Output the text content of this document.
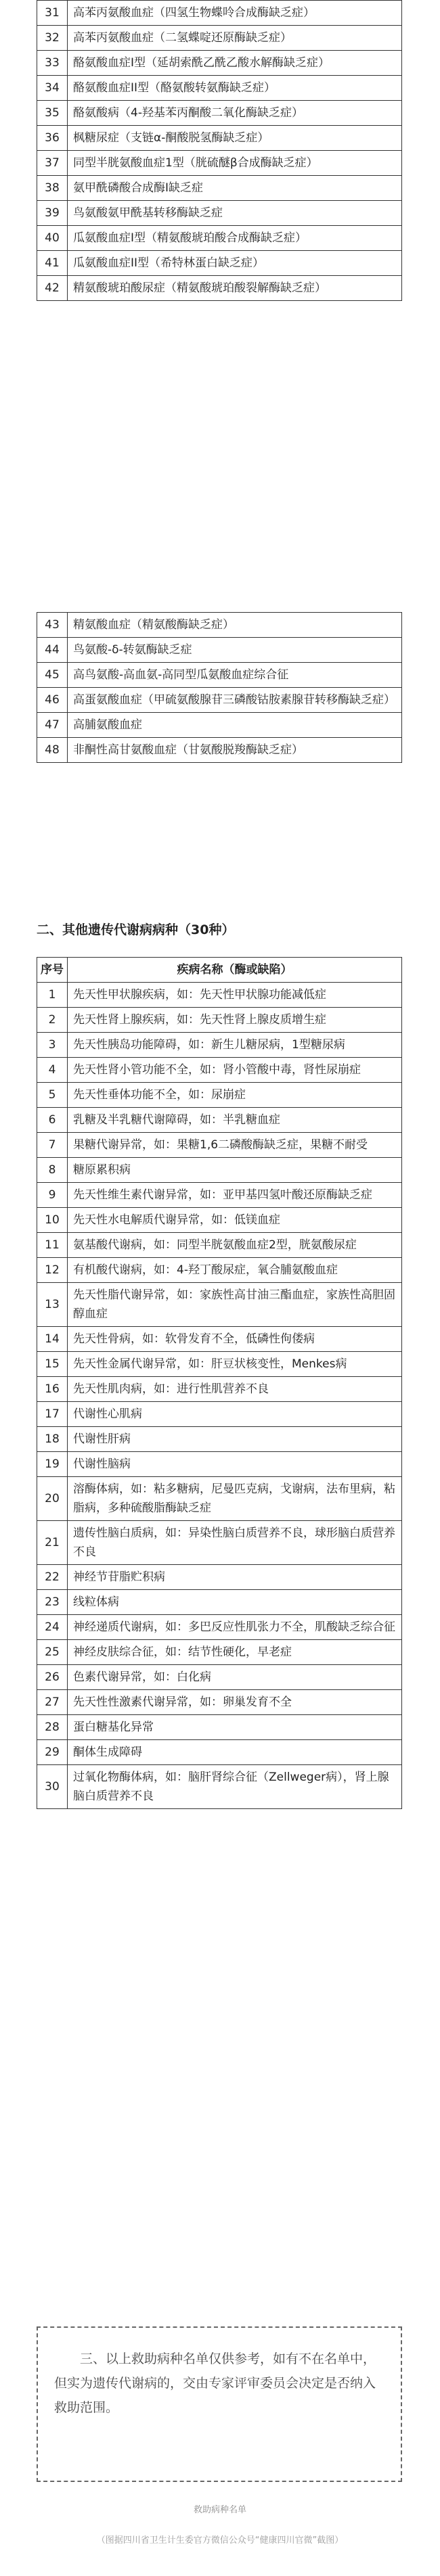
31	高苯丙氨酸血症（四氢生物蝶呤合成酶缺乏症）
32	高苯丙氨酸血症（二氢蝶啶还原酶缺乏症）
33	酪氨酸血症I型（延胡索酰乙酰乙酸水解酶缺乏症）
34	酪氨酸血症II型（酪氨酸转氨酶缺乏症）
35	酪氨酸病（4-羟基苯丙酮酸二氧化酶缺乏症）
36	枫糖尿症（支链α-酮酸脱氢酶缺乏症）
37	同型半胱氨酸血症1型（胱硫醚β合成酶缺乏症）
38	氨甲酰磷酸合成酶I缺乏症
39	鸟氨酸氨甲酰基转移酶缺乏症
40	瓜氨酸血症I型（精氨酸琥珀酸合成酶缺乏症）
41	瓜氨酸血症II型（希特林蛋白缺乏症）
42	精氨酸琥珀酸尿症（精氨酸琥珀酸裂解酶缺乏症）
43	精氨酸血症（精氨酸酶缺乏症）
44	鸟氨酸-δ-转氨酶缺乏症
45	高鸟氨酸-高血氨-高同型瓜氨酸血症综合征
46	高蛋氨酸血症（甲硫氨酸腺苷三磷酸钴胺素腺苷转移酶缺乏症）
47	高脯氨酸血症
48	非酮性高甘氨酸血症（甘氨酸脱羧酶缺乏症）
二、其他遗传代谢病病种（30种）
序号	疾病名称（酶或缺陷）
1	先天性甲状腺疾病，如：先天性甲状腺功能减低症
2	先天性肾上腺疾病，如：先天性肾上腺皮质增生症
3	先天性胰岛功能障碍，如：新生儿糖尿病，1型糖尿病
4	先天性肾小管功能不全，如：肾小管酸中毒，肾性尿崩症
5	先天性垂体功能不全，如：尿崩症
6	乳糖及半乳糖代谢障碍，如：半乳糖血症
7	果糖代谢异常，如：果糖1,6二磷酸酶缺乏症，果糖不耐受
8	糖原累积病
9	先天性维生素代谢异常，如：亚甲基四氢叶酸还原酶缺乏症
10	先天性水电解质代谢异常，如：低镁血症
11	氨基酸代谢病，如：同型半胱氨酸血症2型，胱氨酸尿症
12	有机酸代谢病，如：4-羟丁酸尿症，氧合脯氨酸血症
13	先天性脂代谢异常，如：家族性高甘油三酯血症，家族性高胆固醇血症
14	先天性骨病，如：软骨发育不全，低磷性佝偻病
15	先天性金属代谢异常，如：肝豆状核变性，Menkes病
16	先天性肌肉病，如：进行性肌营养不良
17	代谢性心肌病
18	代谢性肝病
19	代谢性脑病
20	溶酶体病，如：粘多糖病，尼曼匹克病，戈谢病，法布里病，粘脂病，多种硫酸脂酶缺乏症
21	遗传性脑白质病，如：异染性脑白质营养不良，球形脑白质营养不良
22	神经节苷脂贮积病
23	线粒体病
24	神经递质代谢病，如：多巴反应性肌张力不全，肌酸缺乏综合征
25	神经皮肤综合征，如：结节性硬化，早老症
26	色素代谢异常，如：白化病
27	先天性性激素代谢异常，如：卵巢发育不全
28	蛋白糖基化异常
29	酮体生成障碍
30	过氧化物酶体病，如：脑肝肾综合征（Zellweger病），肾上腺脑白质营养不良
三、以上救助病种名单仅供参考，如有不在名单中，但实为遗传代谢病的，交由专家评审委员会决定是否纳入救助范围。
救助病种名单
（图据四川省卫生计生委官方微信公众号“健康四川官微”截图）
